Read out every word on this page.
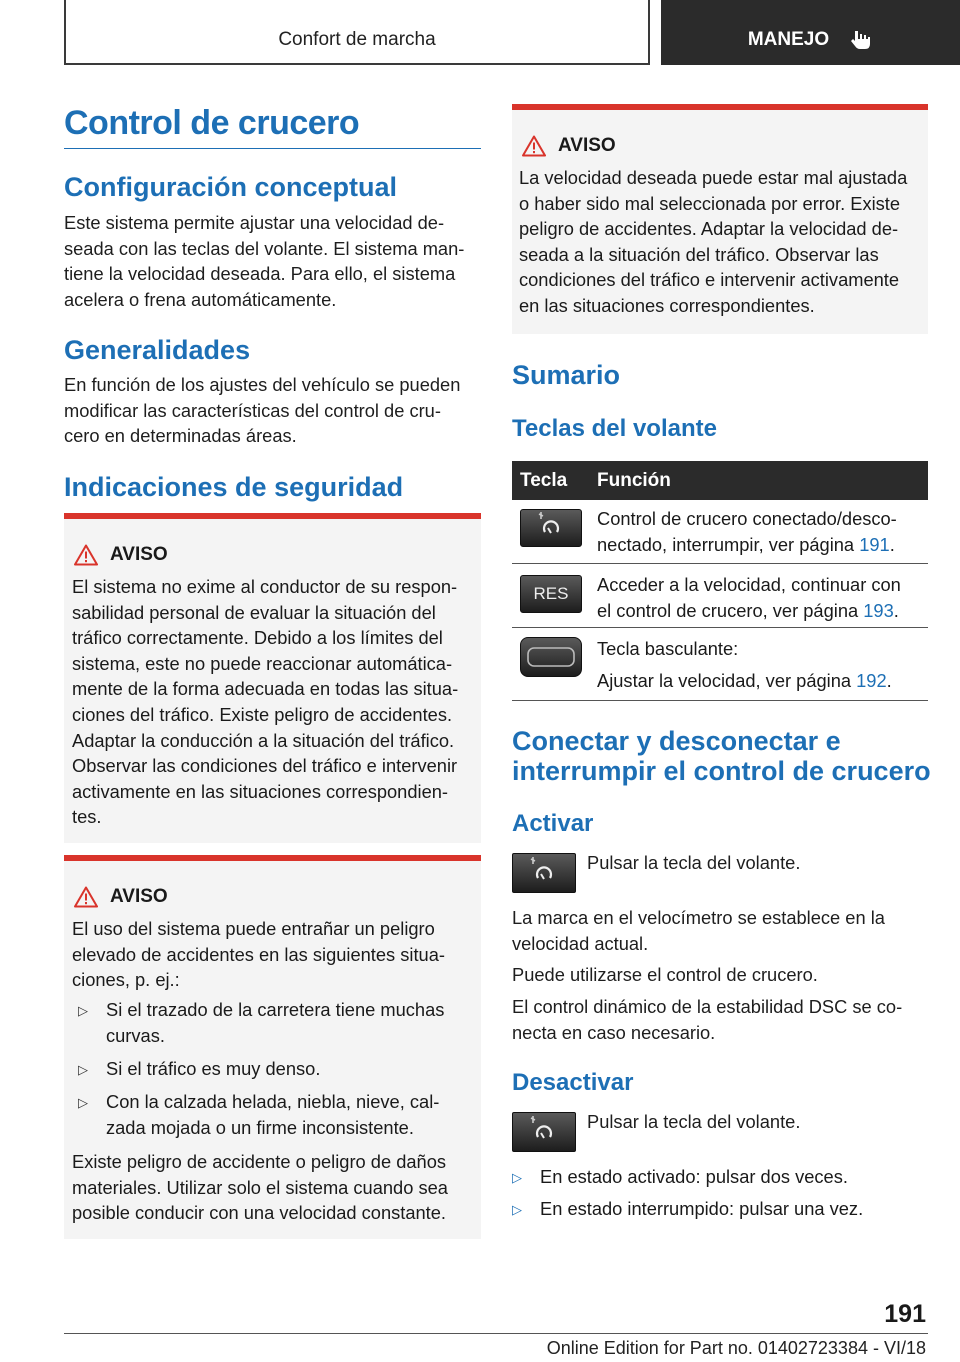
Confort de marcha	MANEJO
Control de crucero
Configuración conceptual
Este sistema permite ajustar una velocidad de‐
seada con las teclas del volante. El sistema man‐
tiene la velocidad deseada. Para ello, el sistema
acelera o frena automáticamente.
Generalidades
En función de los ajustes del vehículo se pueden
modificar las características del control de cru‐
cero en determinadas áreas.
Indicaciones de seguridad
AVISO
El sistema no exime al conductor de su respon‐
sabilidad personal de evaluar la situación del
tráfico correctamente. Debido a los límites del
sistema, este no puede reaccionar automática‐
mente de la forma adecuada en todas las situa‐
ciones del tráfico. Existe peligro de accidentes.
Adaptar la conducción a la situación del tráfico.
Observar las condiciones del tráfico e intervenir
activamente en las situaciones correspondien‐
tes.
AVISO
El uso del sistema puede entrañar un peligro
elevado de accidentes en las siguientes situa‐
ciones, p. ej.:
▷ Si el trazado de la carretera tiene muchas
curvas.
▷ Si el tráfico es muy denso.
▷ Con la calzada helada, niebla, nieve, cal‐
zada mojada o un firme inconsistente.
Existe peligro de accidente o peligro de daños
materiales. Utilizar solo el sistema cuando sea
posible conducir con una velocidad constante.
AVISO
La velocidad deseada puede estar mal ajustada
o haber sido mal seleccionada por error. Existe
peligro de accidentes. Adaptar la velocidad de‐
seada a la situación del tráfico. Observar las
condiciones del tráfico e intervenir activamente
en las situaciones correspondientes.
Sumario
Teclas del volante
Tecla	Función
Control de crucero conectado/desco‐
nectado, interrumpir, ver página 191.
RES Acceder a la velocidad, continuar con
el control de crucero, ver página 193.
Tecla basculante:
Ajustar la velocidad, ver página 192.
Conectar y desconectar e
interrumpir el control de crucero
Activar
Pulsar la tecla del volante.
La marca en el velocímetro se establece en la
velocidad actual.
Puede utilizarse el control de crucero.
El control dinámico de la estabilidad DSC se co‐
necta en caso necesario.
Desactivar
Pulsar la tecla del volante.
▷ En estado activado: pulsar dos veces.
▷ En estado interrumpido: pulsar una vez.
191
Online Edition for Part no. 01402723384 - VI/18
